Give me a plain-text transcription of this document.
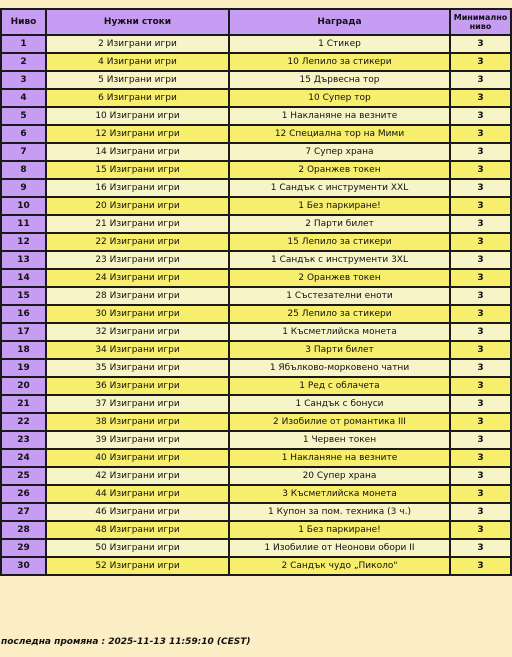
Ниво	Нужни стоки	Награда	Минимално ниво
1	2 Изиграни игри	1 Стикер	3
2	4 Изиграни игри	10 Лепило за стикери	3
3	5 Изиграни игри	15 Дървесна тор	3
4	6 Изиграни игри	10 Супер тор	3
5	10 Изиграни игри	1 Накланяне на везните	3
6	12 Изиграни игри	12 Специална тор на Мими	3
7	14 Изиграни игри	7 Супер храна	3
8	15 Изиграни игри	2 Оранжев токен	3
9	16 Изиграни игри	1 Сандък с инструменти XXL	3
10	20 Изиграни игри	1 Без паркиране!	3
11	21 Изиграни игри	2 Парти билет	3
12	22 Изиграни игри	15 Лепило за стикери	3
13	23 Изиграни игри	1 Сандък с инструменти 3XL	3
14	24 Изиграни игри	2 Оранжев токен	3
15	28 Изиграни игри	1 Състезателни еноти	3
16	30 Изиграни игри	25 Лепило за стикери	3
17	32 Изиграни игри	1 Късметлийска монета	3
18	34 Изиграни игри	3 Парти билет	3
19	35 Изиграни игри	1 Ябълково-морковено чатни	3
20	36 Изиграни игри	1 Ред с облачета	3
21	37 Изиграни игри	1 Сандък с бонуси	3
22	38 Изиграни игри	2 Изобилие от романтика III	3
23	39 Изиграни игри	1 Червен токен	3
24	40 Изиграни игри	1 Накланяне на везните	3
25	42 Изиграни игри	20 Супер храна	3
26	44 Изиграни игри	3 Късметлийска монета	3
27	46 Изиграни игри	1 Купон за пом. техника (3 ч.)	3
28	48 Изиграни игри	1 Без паркиране!	3
29	50 Изиграни игри	1 Изобилие от Неонови обори II	3
30	52 Изиграни игри	2 Сандък чудо „Пиколо"	3
последна промяна : 2025-11-13 11:59:10 (CEST)
